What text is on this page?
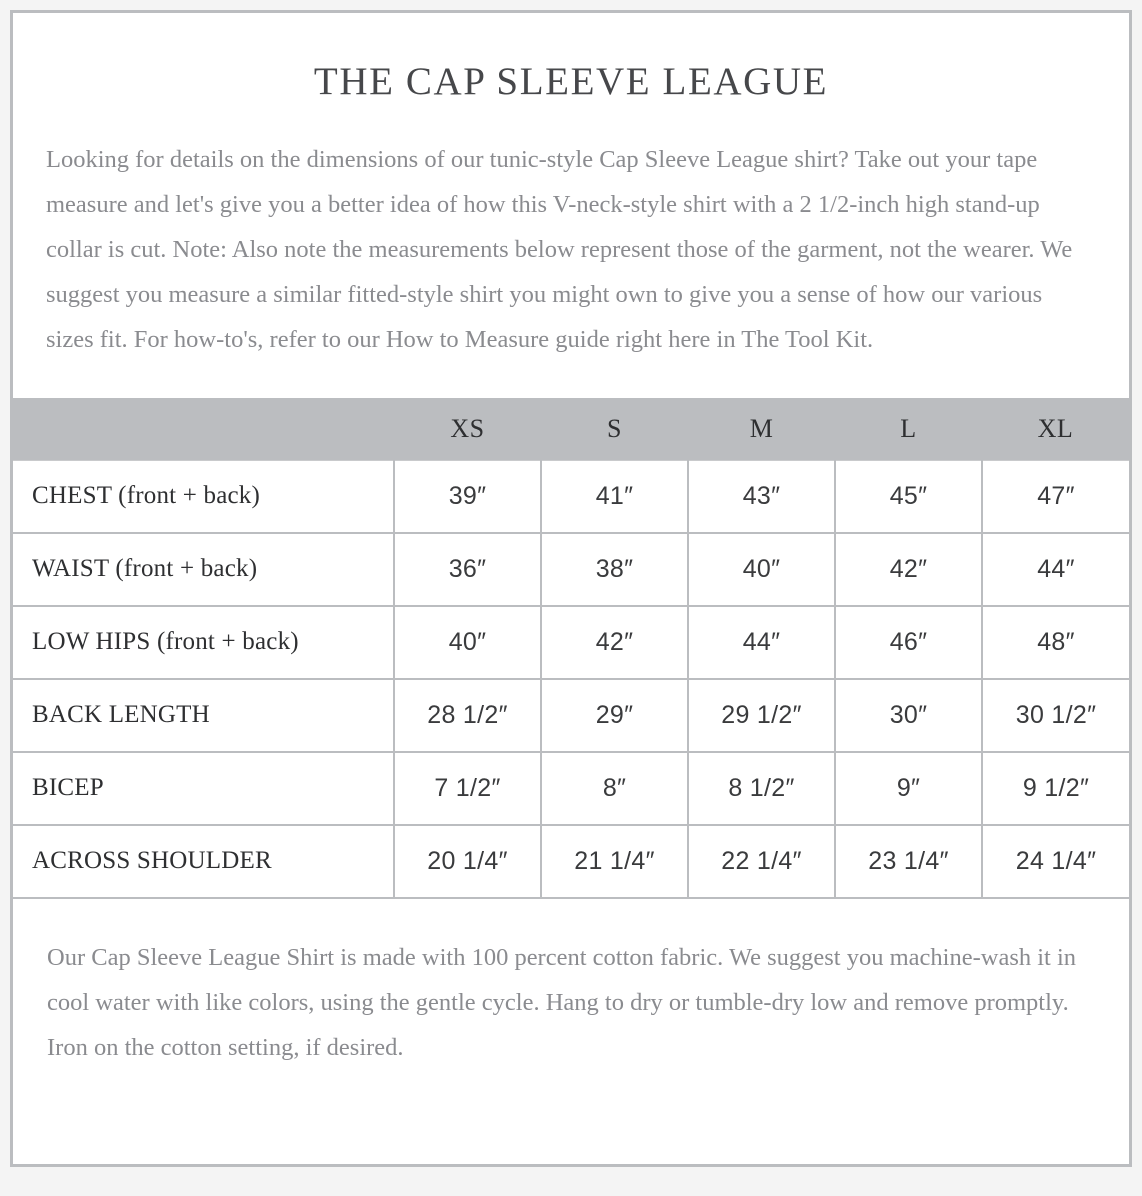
THE CAP SLEEVE LEAGUE

Looking for details on the dimensions of our tunic-style Cap Sleeve League shirt? Take out your tape measure and let's give you a better idea of how this V-neck-style shirt with a 2 1/2-inch high stand-up collar is cut. Note: Also note the measurements below represent those of the garment, not the wearer. We suggest you measure a similar fitted-style shirt you might own to give you a sense of how our various sizes fit. For how-to's, refer to our How to Measure guide right here in The Tool Kit.

	XS	S	M	L	XL
CHEST (front + back)	39″	41″	43″	45″	47″
WAIST (front + back)	36″	38″	40″	42″	44″
LOW HIPS (front + back)	40″	42″	44″	46″	48″
BACK LENGTH	28 1/2″	29″	29 1/2″	30″	30 1/2″
BICEP	7 1/2″	8″	8 1/2″	9″	9 1/2″
ACROSS SHOULDER	20 1/4″	21 1/4″	22 1/4″	23 1/4″	24 1/4″

Our Cap Sleeve League Shirt is made with 100 percent cotton fabric. We suggest you machine-wash it in cool water with like colors, using the gentle cycle. Hang to dry or tumble-dry low and remove promptly. Iron on the cotton setting, if desired.
